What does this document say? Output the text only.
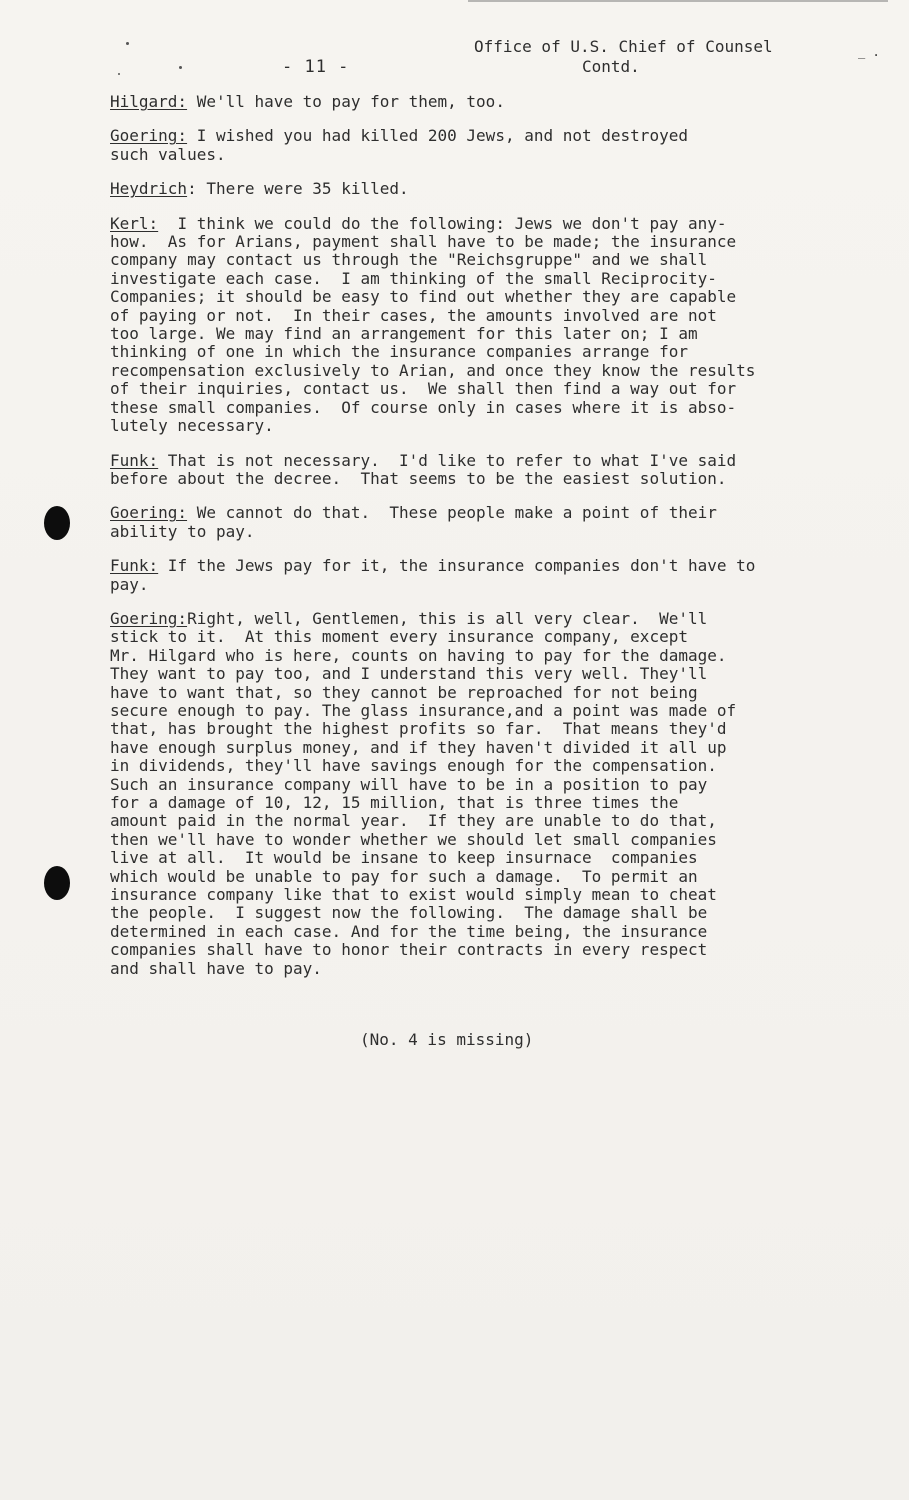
Office of U.S. Chief of Counsel
Contd.
_ .
- 11 -

Hilgard: We'll have to pay for them, too.

Goering: I wished you had killed 200 Jews, and not destroyed
such values.

Heydrich: There were 35 killed.

Kerl:  I think we could do the following: Jews we don't pay any-
how.  As for Arians, payment shall have to be made; the insurance
company may contact us through the "Reichsgruppe" and we shall
investigate each case.  I am thinking of the small Reciprocity-
Companies; it should be easy to find out whether they are capable
of paying or not.  In their cases, the amounts involved are not
too large. We may find an arrangement for this later on; I am
thinking of one in which the insurance companies arrange for
recompensation exclusively to Arian, and once they know the results
of their inquiries, contact us.  We shall then find a way out for
these small companies.  Of course only in cases where it is abso-
lutely necessary.

Funk: That is not necessary.  I'd like to refer to what I've said
before about the decree.  That seems to be the easiest solution.

Goering: We cannot do that.  These people make a point of their
ability to pay.

Funk: If the Jews pay for it, the insurance companies don't have to
pay.

Goering:Right, well, Gentlemen, this is all very clear.  We'll
stick to it.  At this moment every insurance company, except
Mr. Hilgard who is here, counts on having to pay for the damage.
They want to pay too, and I understand this very well. They'll
have to want that, so they cannot be reproached for not being
secure enough to pay. The glass insurance,and a point was made of
that, has brought the highest profits so far.  That means they'd
have enough surplus money, and if they haven't divided it all up
in dividends, they'll have savings enough for the compensation.
Such an insurance company will have to be in a position to pay
for a damage of 10, 12, 15 million, that is three times the
amount paid in the normal year.  If they are unable to do that,
then we'll have to wonder whether we should let small companies
live at all.  It would be insane to keep insurnace  companies
which would be unable to pay for such a damage.  To permit an
insurance company like that to exist would simply mean to cheat
the people.  I suggest now the following.  The damage shall be
determined in each case. And for the time being, the insurance
companies shall have to honor their contracts in every respect
and shall have to pay.

(No. 4 is missing)
